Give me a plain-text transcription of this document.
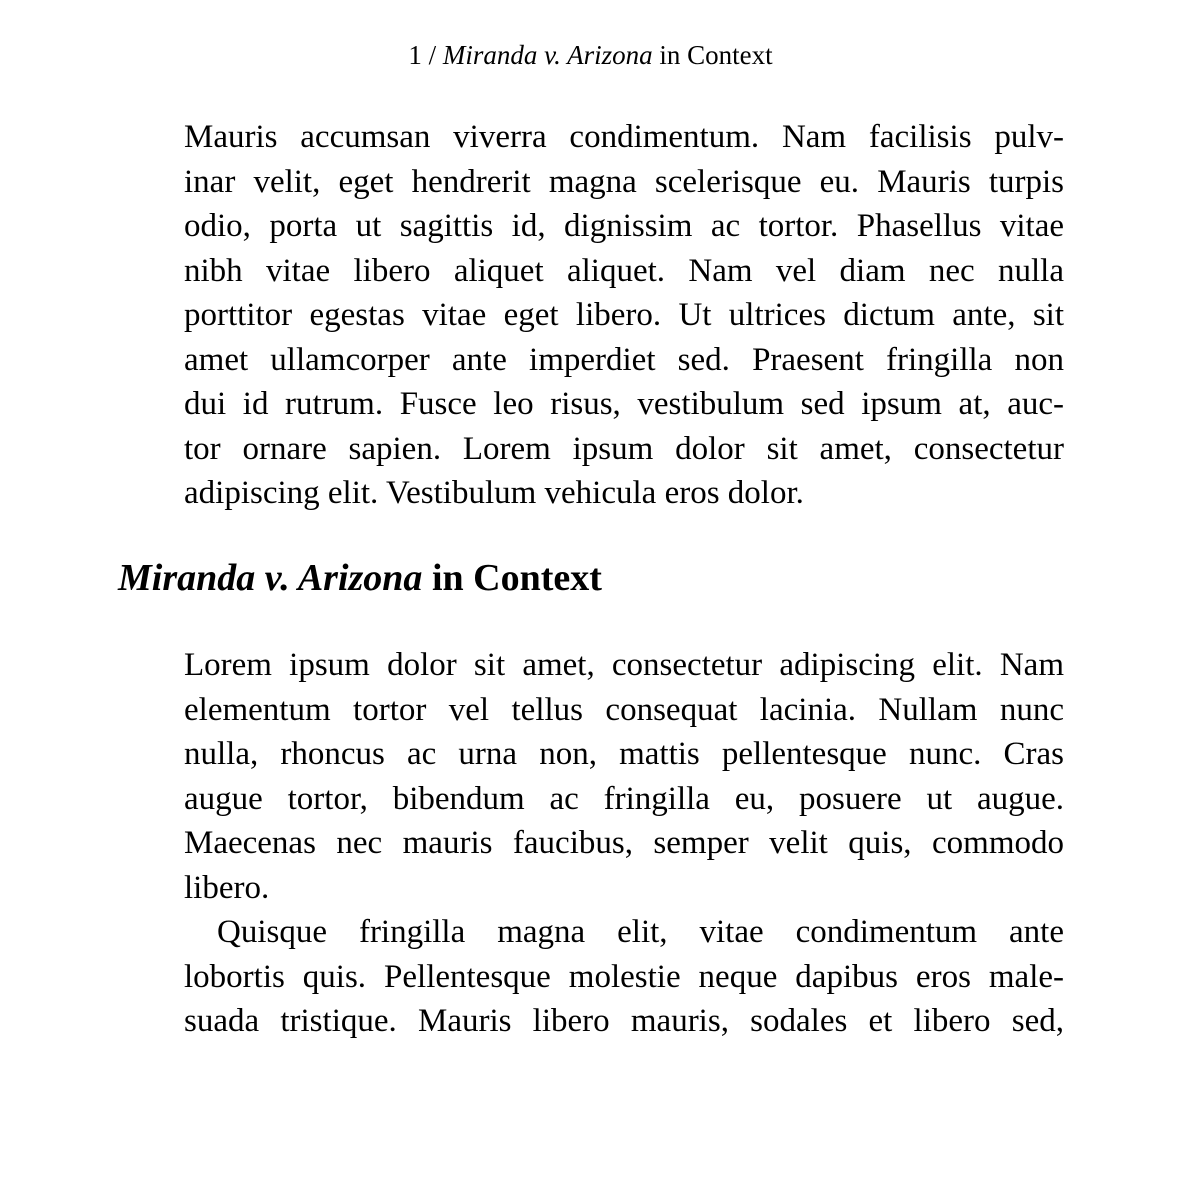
1 / Miranda v. Arizona in Context
Mauris accumsan viverra condimentum. Nam facilisis pulv-
inar velit, eget hendrerit magna scelerisque eu. Mauris turpis
odio, porta ut sagittis id, dignissim ac tortor. Phasellus vitae
nibh vitae libero aliquet aliquet. Nam vel diam nec nulla
porttitor egestas vitae eget libero. Ut ultrices dictum ante, sit
amet ullamcorper ante imperdiet sed. Praesent fringilla non
dui id rutrum. Fusce leo risus, vestibulum sed ipsum at, auc-
tor ornare sapien. Lorem ipsum dolor sit amet, consectetur
adipiscing elit. Vestibulum vehicula eros dolor.
Miranda v. Arizona in Context
Lorem ipsum dolor sit amet, consectetur adipiscing elit. Nam
elementum tortor vel tellus consequat lacinia. Nullam nunc
nulla, rhoncus ac urna non, mattis pellentesque nunc. Cras
augue tortor, bibendum ac fringilla eu, posuere ut augue.
Maecenas nec mauris faucibus, semper velit quis, commodo
libero.
Quisque fringilla magna elit, vitae condimentum ante
lobortis quis. Pellentesque molestie neque dapibus eros male-
suada tristique. Mauris libero mauris, sodales et libero sed,
